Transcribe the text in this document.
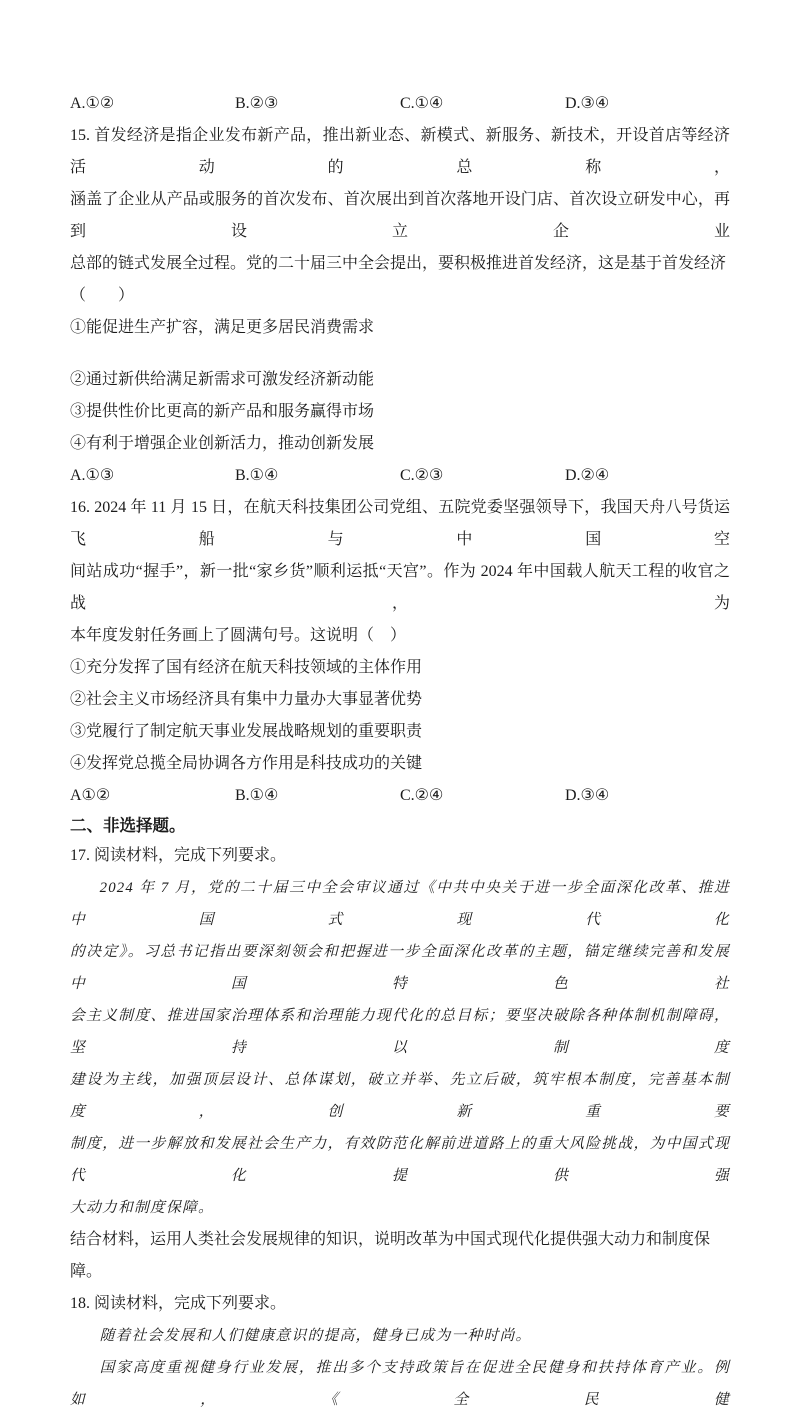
A.①②	B.②③	C.①④	D.③④
15. 首发经济是指企业发布新产品，推出新业态、新模式、新服务、新技术，开设首店等经济活动的总称，
涵盖了企业从产品或服务的首次发布、首次展出到首次落地开设门店、首次设立研发中心，再到设立企业
总部的链式发展全过程。党的二十届三中全会提出，要积极推进首发经济，这是基于首发经济（　　）
①能促进生产扩容，满足更多居民消费需求
②通过新供给满足新需求可激发经济新动能
③提供性价比更高的新产品和服务赢得市场
④有利于增强企业创新活力，推动创新发展
A.①③	B.①④	C.②③	D.②④
16. 2024 年 11 月 15 日，在航天科技集团公司党组、五院党委坚强领导下，我国天舟八号货运飞船与中国空
间站成功“握手”，新一批“家乡货”顺利运抵“天宫”。作为 2024 年中国载人航天工程的收官之战，为
本年度发射任务画上了圆满句号。这说明（　）
①充分发挥了国有经济在航天科技领域的主体作用
②社会主义市场经济具有集中力量办大事显著优势
③党履行了制定航天事业发展战略规划的重要职责
④发挥党总揽全局协调各方作用是科技成功的关键
A①②	B.①④	C.②④	D.③④
二、非选择题。
17. 阅读材料，完成下列要求。
2024 年 7 月，党的二十届三中全会审议通过《中共中央关于进一步全面深化改革、推进中国式现代化
的决定》。习总书记指出要深刻领会和把握进一步全面深化改革的主题，锚定继续完善和发展中国特色社
会主义制度、推进国家治理体系和治理能力现代化的总目标；要坚决破除各种体制机制障碍，坚持以制度
建设为主线，加强顶层设计、总体谋划，破立并举、先立后破，筑牢根本制度，完善基本制度，创新重要
制度，进一步解放和发展社会生产力，有效防范化解前进道路上的重大风险挑战，为中国式现代化提供强
大动力和制度保障。
结合材料，运用人类社会发展规律的知识，说明改革为中国式现代化提供强大动力和制度保障。
18. 阅读材料，完成下列要求。
随着社会发展和人们健康意识的提高，健身已成为一种时尚。
国家高度重视健身行业发展，推出多个支持政策旨在促进全民健身和扶持体育产业。例如，《全民健
